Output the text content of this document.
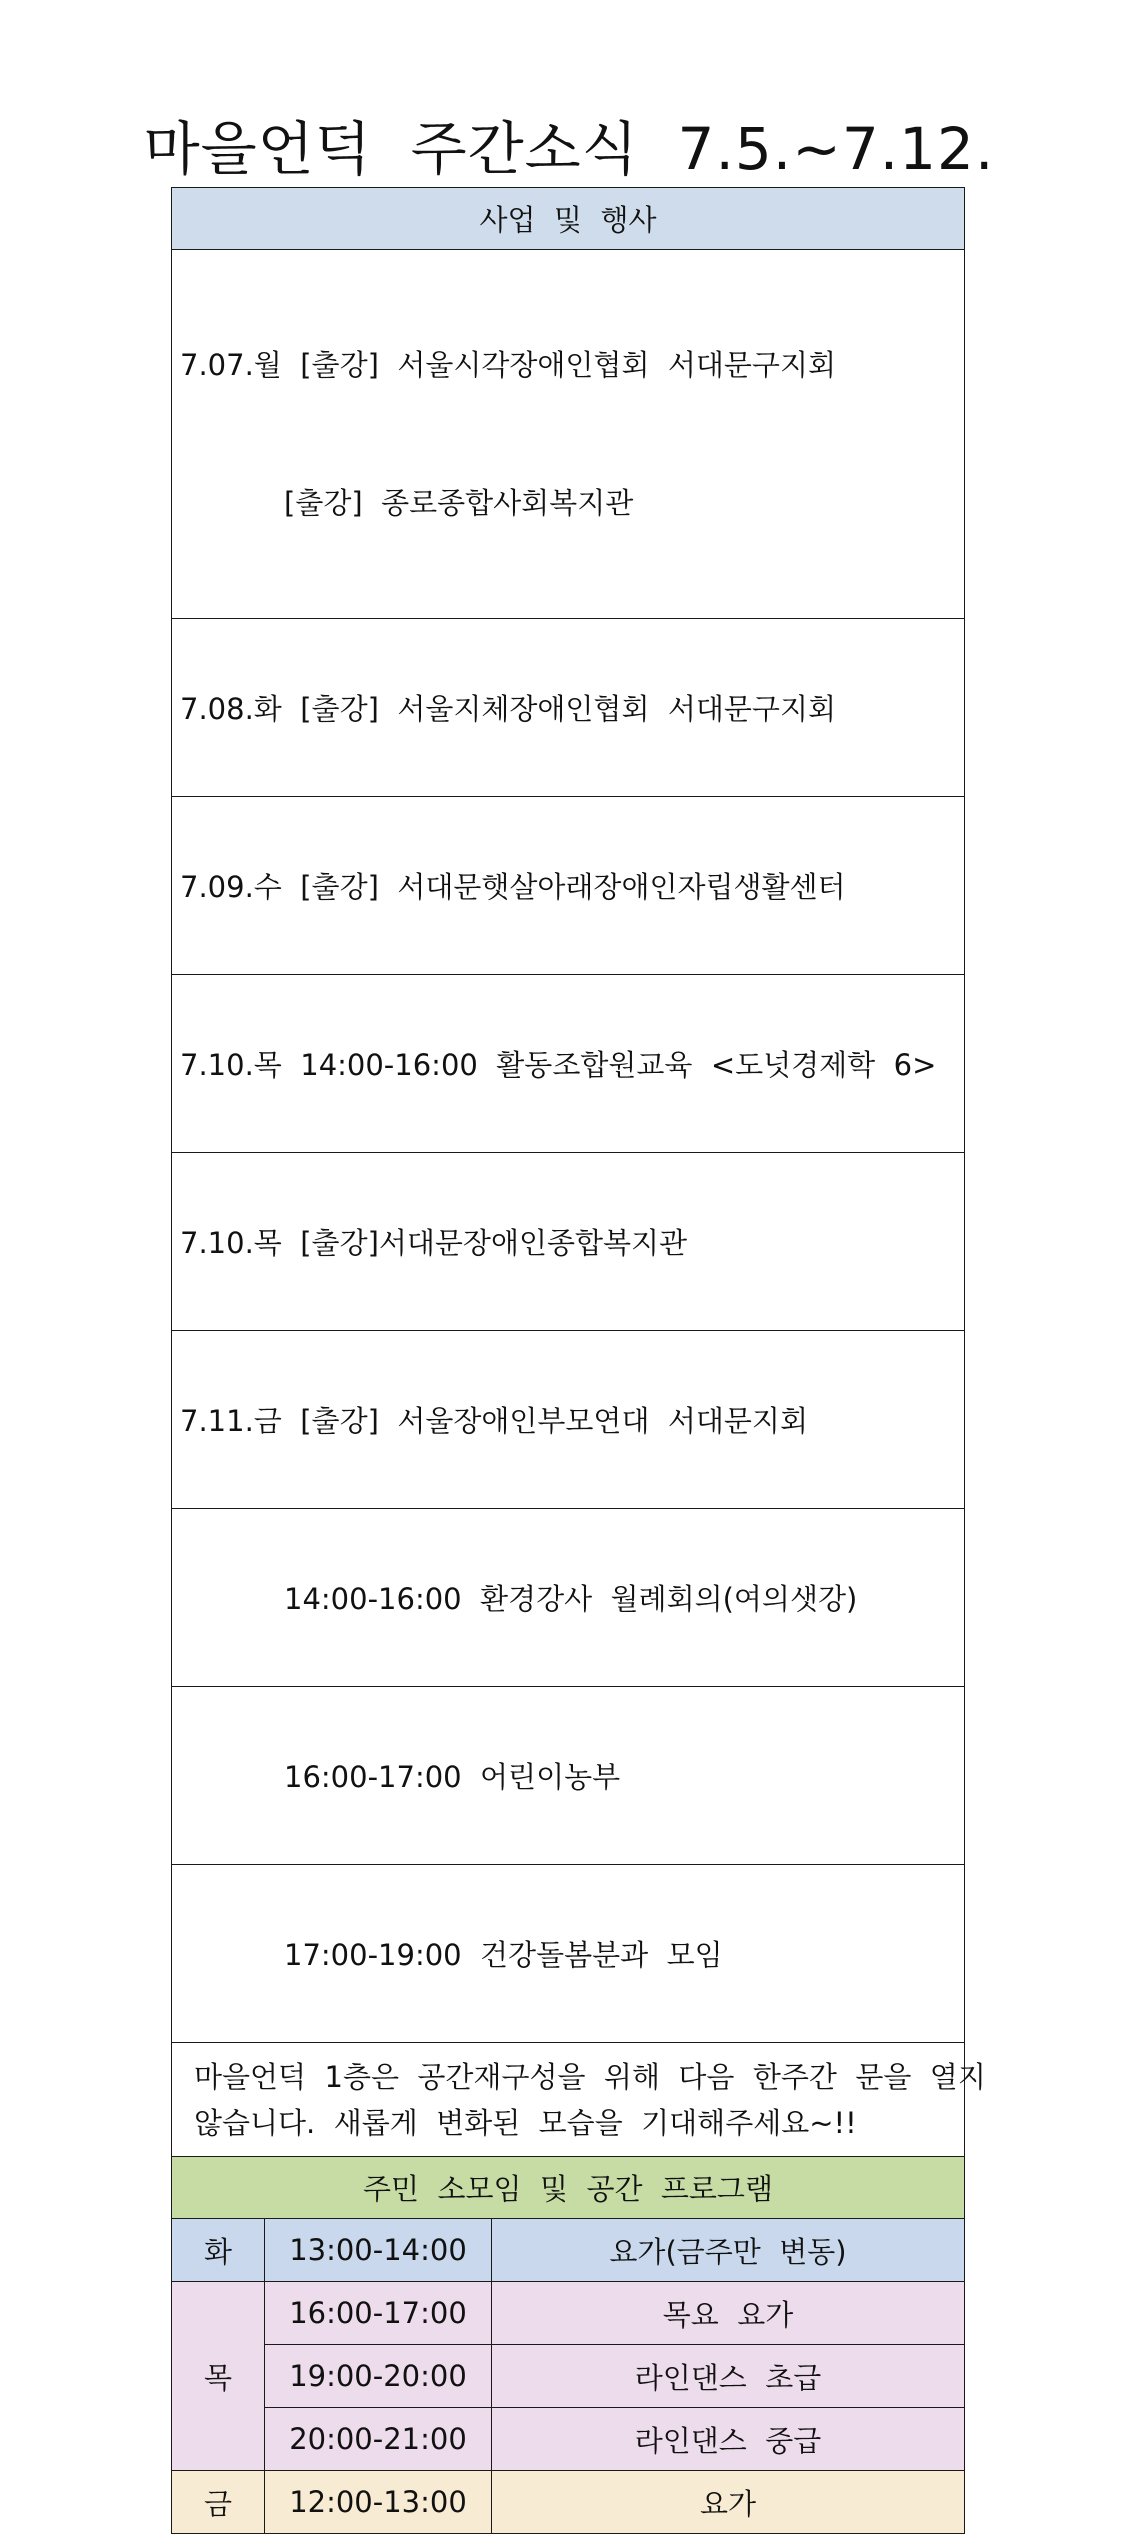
마을언덕  주간소식  7.5.~7.12.
사업  및  행사		

7.07.월  [출강]  서울시각장애인협회  서대문구지회

[출강]  종로종합사회복지관		

7.08.화  [출강]  서울지체장애인협회  서대문구지회		

7.09.수  [출강]  서대문햇살아래장애인자립생활센터		

7.10.목  14:00-16:00  활동조합원교육  <도넛경제학  6>		

7.10.목  [출강]서대문장애인종합복지관		

7.11.금  [출강]  서울장애인부모연대  서대문지회		

14:00-16:00  환경강사  월례회의(여의샛강)		

16:00-17:00  어린이농부		

17:00-19:00  건강돌봄분과  모임		

마을언덕  1층은  공간재구성을  위해  다음  한주간  문을  열지
않습니다.  새롭게  변화된  모습을  기대해주세요~!!		

주민  소모임  및  공간  프로그램		
화	13:00-14:00	요가(금주만  변동)
목	16:00-17:00	목요  요가
	19:00-20:00	라인댄스  초급
	20:00-21:00	라인댄스  중급
금	12:00-13:00	요가
